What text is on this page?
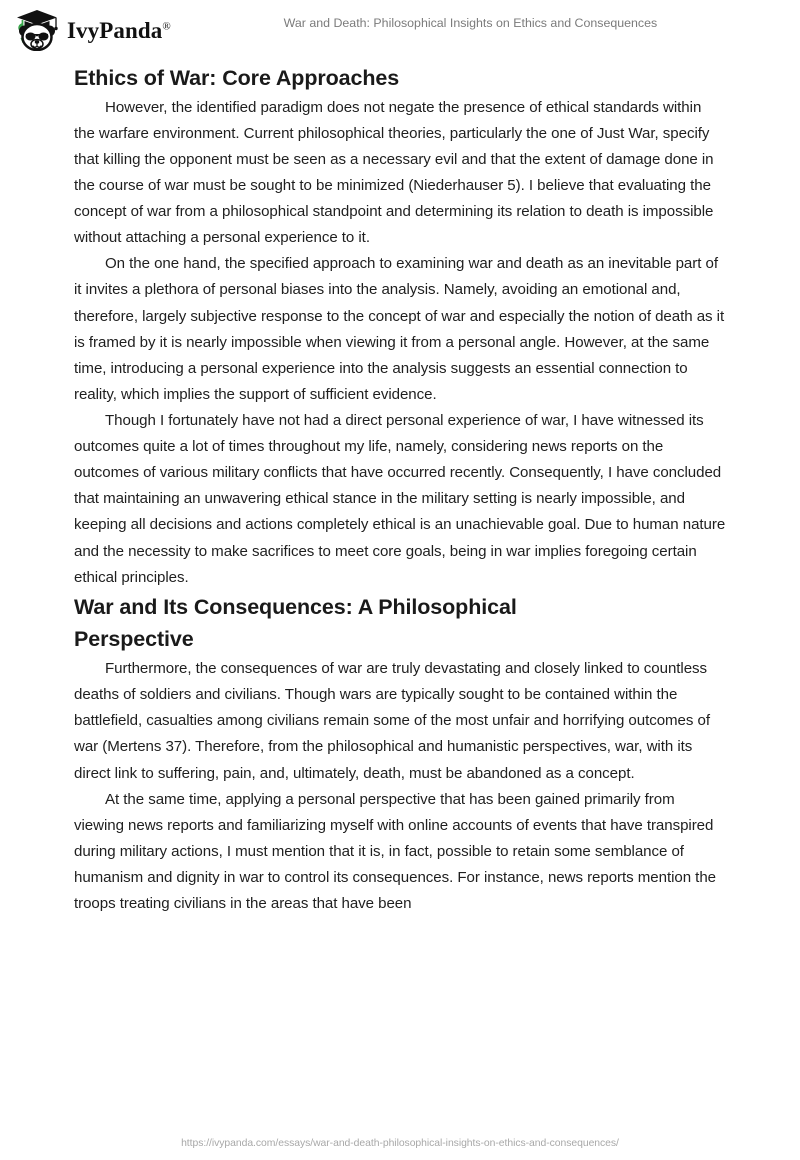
IvyPanda®	War and Death: Philosophical Insights on Ethics and Consequences
Ethics of War: Core Approaches

However, the identified paradigm does not negate the presence of ethical standards within the warfare environment. Current philosophical theories, particularly the one of Just War, specify that killing the opponent must be seen as a necessary evil and that the extent of damage done in the course of war must be sought to be minimized (Niederhauser 5). I believe that evaluating the concept of war from a philosophical standpoint and determining its relation to death is impossible without attaching a personal experience to it.

On the one hand, the specified approach to examining war and death as an inevitable part of it invites a plethora of personal biases into the analysis. Namely, avoiding an emotional and, therefore, largely subjective response to the concept of war and especially the notion of death as it is framed by it is nearly impossible when viewing it from a personal angle. However, at the same time, introducing a personal experience into the analysis suggests an essential connection to reality, which implies the support of sufficient evidence.

Though I fortunately have not had a direct personal experience of war, I have witnessed its outcomes quite a lot of times throughout my life, namely, considering news reports on the outcomes of various military conflicts that have occurred recently. Consequently, I have concluded that maintaining an unwavering ethical stance in the military setting is nearly impossible, and keeping all decisions and actions completely ethical is an unachievable goal. Due to human nature and the necessity to make sacrifices to meet core goals, being in war implies foregoing certain ethical principles.

War and Its Consequences: A Philosophical Perspective

Furthermore, the consequences of war are truly devastating and closely linked to countless deaths of soldiers and civilians. Though wars are typically sought to be contained within the battlefield, casualties among civilians remain some of the most unfair and horrifying outcomes of war (Mertens 37). Therefore, from the philosophical and humanistic perspectives, war, with its direct link to suffering, pain, and, ultimately, death, must be abandoned as a concept.

At the same time, applying a personal perspective that has been gained primarily from viewing news reports and familiarizing myself with online accounts of events that have transpired during military actions, I must mention that it is, in fact, possible to retain some semblance of humanism and dignity in war to control its consequences. For instance, news reports mention the troops treating civilians in the areas that have been

https://ivypanda.com/essays/war-and-death-philosophical-insights-on-ethics-and-consequences/
